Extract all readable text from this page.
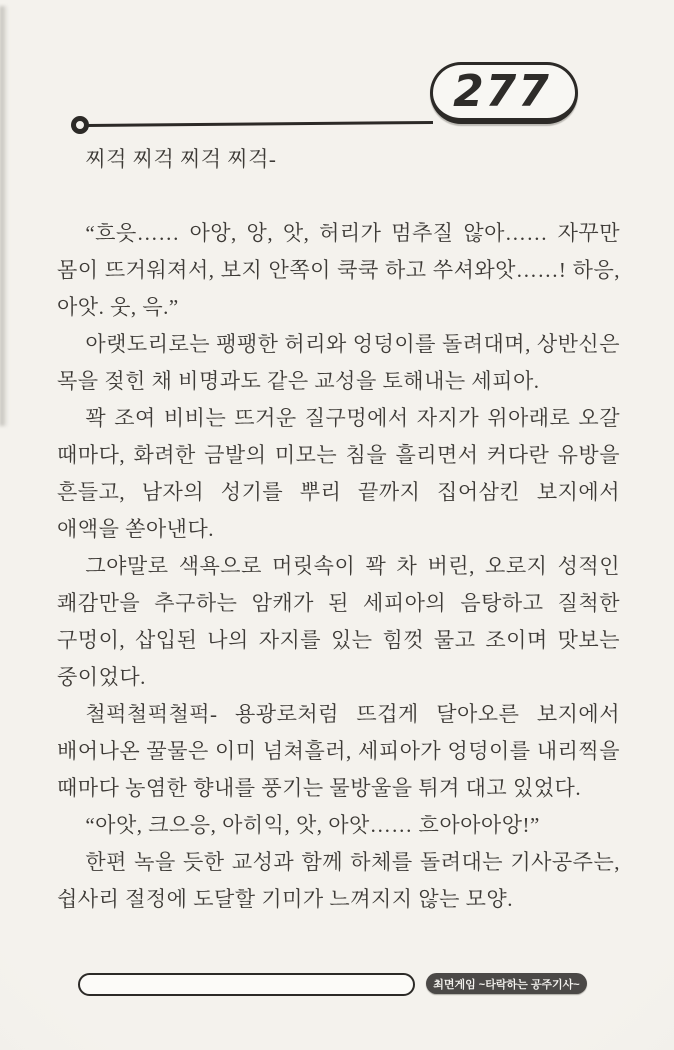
277

찌걱 찌걱 찌걱 찌걱-

“흐읏…… 아앙, 앙, 앗, 허리가 멈추질 않아…… 자꾸만 몸이 뜨거워져서, 보지 안쪽이 쿡쿡 하고 쑤셔와앗……! 하응, 아앗. 웃, 윽.”

아랫도리로는 팽팽한 허리와 엉덩이를 돌려대며, 상반신은 목을 젖힌 채 비명과도 같은 교성을 토해내는 세피아.

꽉 조여 비비는 뜨거운 질구멍에서 자지가 위아래로 오갈 때마다, 화려한 금발의 미모는 침을 흘리면서 커다란 유방을 흔들고, 남자의 성기를 뿌리 끝까지 집어삼킨 보지에서 애액을 쏟아낸다.

그야말로 색욕으로 머릿속이 꽉 차 버린, 오로지 성적인 쾌감만을 추구하는 암캐가 된 세피아의 음탕하고 질척한 구멍이, 삽입된 나의 자지를 있는 힘껏 물고 조이며 맛보는 중이었다.

철퍽철퍽철퍽- 용광로처럼 뜨겁게 달아오른 보지에서 배어나온 꿀물은 이미 넘쳐흘러, 세피아가 엉덩이를 내리찍을 때마다 농염한 향내를 풍기는 물방울을 튀겨 대고 있었다.

“아앗, 크으응, 아히익, 앗, 아앗…… 흐아아아앙!”

한편 녹을 듯한 교성과 함께 하체를 돌려대는 기사공주는, 쉽사리 절정에 도달할 기미가 느껴지지 않는 모양.

최면게임 ~타락하는 공주기사~
